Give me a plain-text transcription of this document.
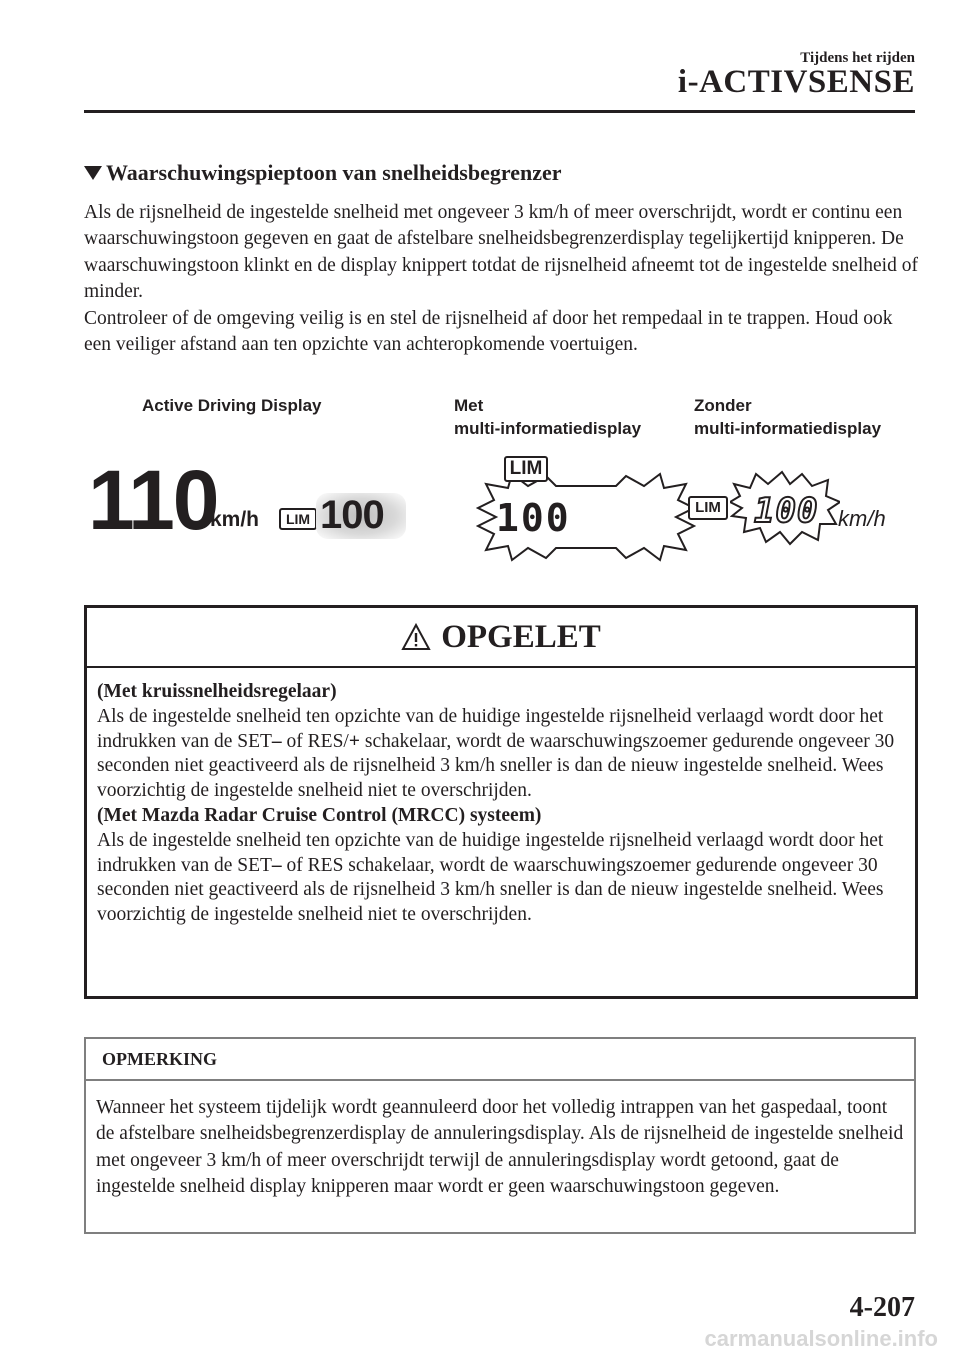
Tijdens het rijden
i-ACTIVSENSE
Waarschuwingspieptoon van snelheidsbegrenzer

Als de rijsnelheid de ingestelde snelheid met ongeveer 3 km/h of meer overschrijdt, wordt er continu een waarschuwingstoon gegeven en gaat de afstelbare snelheidsbegrenzerdisplay tegelijkertijd knipperen. De waarschuwingstoon klinkt en de display knippert totdat de rijsnelheid afneemt tot de ingestelde snelheid of minder.

Controleer of de omgeving veilig is en stel de rijsnelheid af door het rempedaal in te trappen. Houd ook een veiliger afstand aan ten opzichte van achteropkomende voertuigen.

Active Driving Display	Met
multi-informatiedisplay
Zonder
multi-informatiedisplay
110
km/h	LIM 100
LIM
100	LIM 100 km/h
OPGELET

(Met kruissnelheidsregelaar)

Als de ingestelde snelheid ten opzichte van de huidige ingestelde rijsnelheid verlaagd wordt door het indrukken van de SET– of RES/+ schakelaar, wordt de waarschuwingszoemer gedurende ongeveer 30 seconden niet geactiveerd als de rijsnelheid 3 km/h sneller is dan de nieuw ingestelde snelheid. Wees voorzichtig de ingestelde snelheid niet te overschrijden.

(Met Mazda Radar Cruise Control (MRCC) systeem)

Als de ingestelde snelheid ten opzichte van de huidige ingestelde rijsnelheid verlaagd wordt door het indrukken van de SET– of RES schakelaar, wordt de waarschuwingszoemer gedurende ongeveer 30 seconden niet geactiveerd als de rijsnelheid 3 km/h sneller is dan de nieuw ingestelde snelheid. Wees voorzichtig de ingestelde snelheid niet te overschrijden.

OPMERKING

Wanneer het systeem tijdelijk wordt geannuleerd door het volledig intrappen van het gaspedaal, toont de afstelbare snelheidsbegrenzerdisplay de annuleringsdisplay. Als de rijsnelheid de ingestelde snelheid met ongeveer 3 km/h of meer overschrijdt terwijl de annuleringsdisplay wordt getoond, gaat de ingestelde snelheid display knipperen maar wordt er geen waarschuwingstoon gegeven.

4-207
carmanualsonline.info
